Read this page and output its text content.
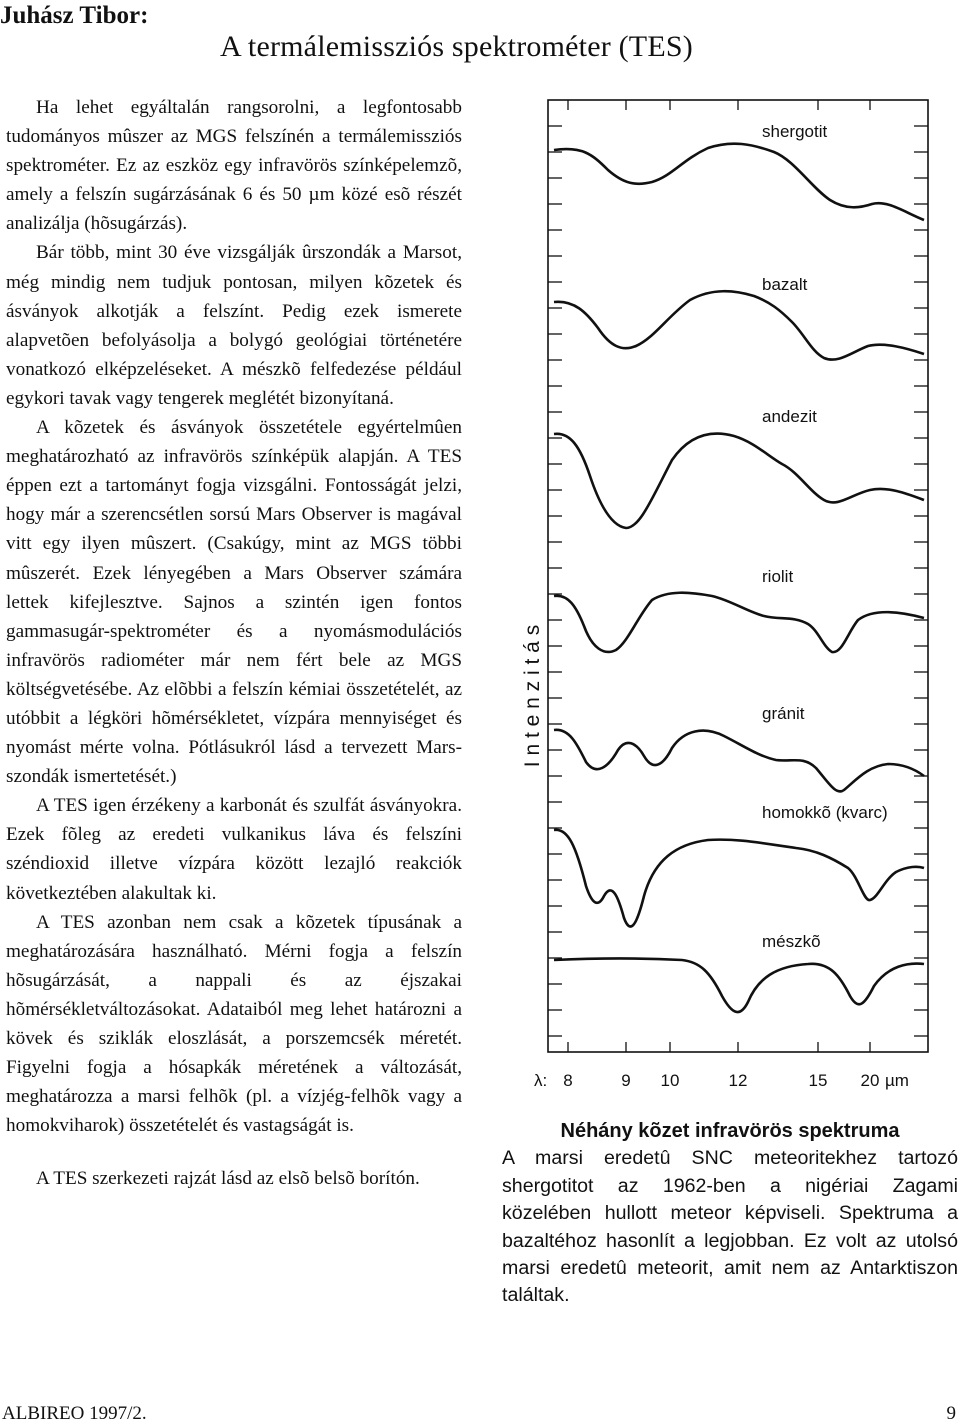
Juhász Tibor:
A termálemissziós spektrométer (TES)

Ha lehet egyáltalán rangsorolni, a legfontosabb tudományos mûszer az MGS felszínén a termálemissziós spektrométer. Ez az eszköz egy infravörös színképelemzõ, amely a felszín sugárzásának 6 és 50 µm közé esõ részét analizálja (hõsugárzás).

Bár több, mint 30 éve vizsgálják ûrszondák a Marsot, még mindig nem tudjuk pontosan, milyen kõzetek és ásványok alkotják a felszínt. Pedig ezek ismerete alapvetõen befolyásolja a bolygó geológiai történetére vonatkozó elképzeléseket. A mészkõ felfedezése például egykori tavak vagy tengerek meglétét bizonyítaná.

A kõzetek és ásványok összetétele egyértelmûen meghatározható az infravörös színképük alapján. A TES éppen ezt a tartományt fogja vizsgálni. Fontosságát jelzi, hogy már a szerencsétlen sorsú Mars Observer is magával vitt egy ilyen mûszert. (Csakúgy, mint az MGS többi mûszerét. Ezek lényegében a Mars Observer számára lettek kifejlesztve. Sajnos a szintén igen fontos gammasugár-spektrométer és a nyomásmodulációs infravörös radiométer már nem fért bele az MGS költségvetésébe. Az elõbbi a felszín kémiai összetételét, az utóbbit a légköri hõmérsékletet, vízpára mennyiséget és nyomást mérte volna. Pótlásukról lásd a tervezett Marsszondák ismertetését.)

A TES igen érzékeny a karbonát és szulfát ásványokra. Ezek fõleg az eredeti vulkanikus láva és felszíni széndioxid illetve vízpára között lezajló reakciók következtében alakultak ki.

A TES azonban nem csak a kõzetek típusának a meghatározására használható. Mérni fogja a felszín hõsugárzását, a nappali és az éjszakai hõmérsékletváltozásokat. Adataiból meg lehet határozni a kövek és sziklák eloszlását, a porszemcsék méretét. Figyelni fogja a hósapkák méretének a változását, meghatározza a marsi felhõk (pl. a vízjég-felhõk vagy a homokviharok) összetételét és vastagságát is.

A TES szerkezeti rajzát lásd az elsõ belsõ borítón.

shergotit
bazalt
andezit
riolit
gránit
homokkõ (kvarc)
mészkõ
I n t e n z i t á s
λ: 8	9 10	12	15 20 µm
Néhány kõzet infravörös spektruma
A marsi eredetû SNC meteoritekhez tartozó shergotitot az 1962-ben a nigériai Zagami közelében hullott meteor képviseli. Spektruma a bazaltéhoz hasonlít a legjobban. Ez volt az utolsó marsi eredetû meteorit, amit nem az Antarktiszon találtak.
ALBIREO 1997/2.	9
